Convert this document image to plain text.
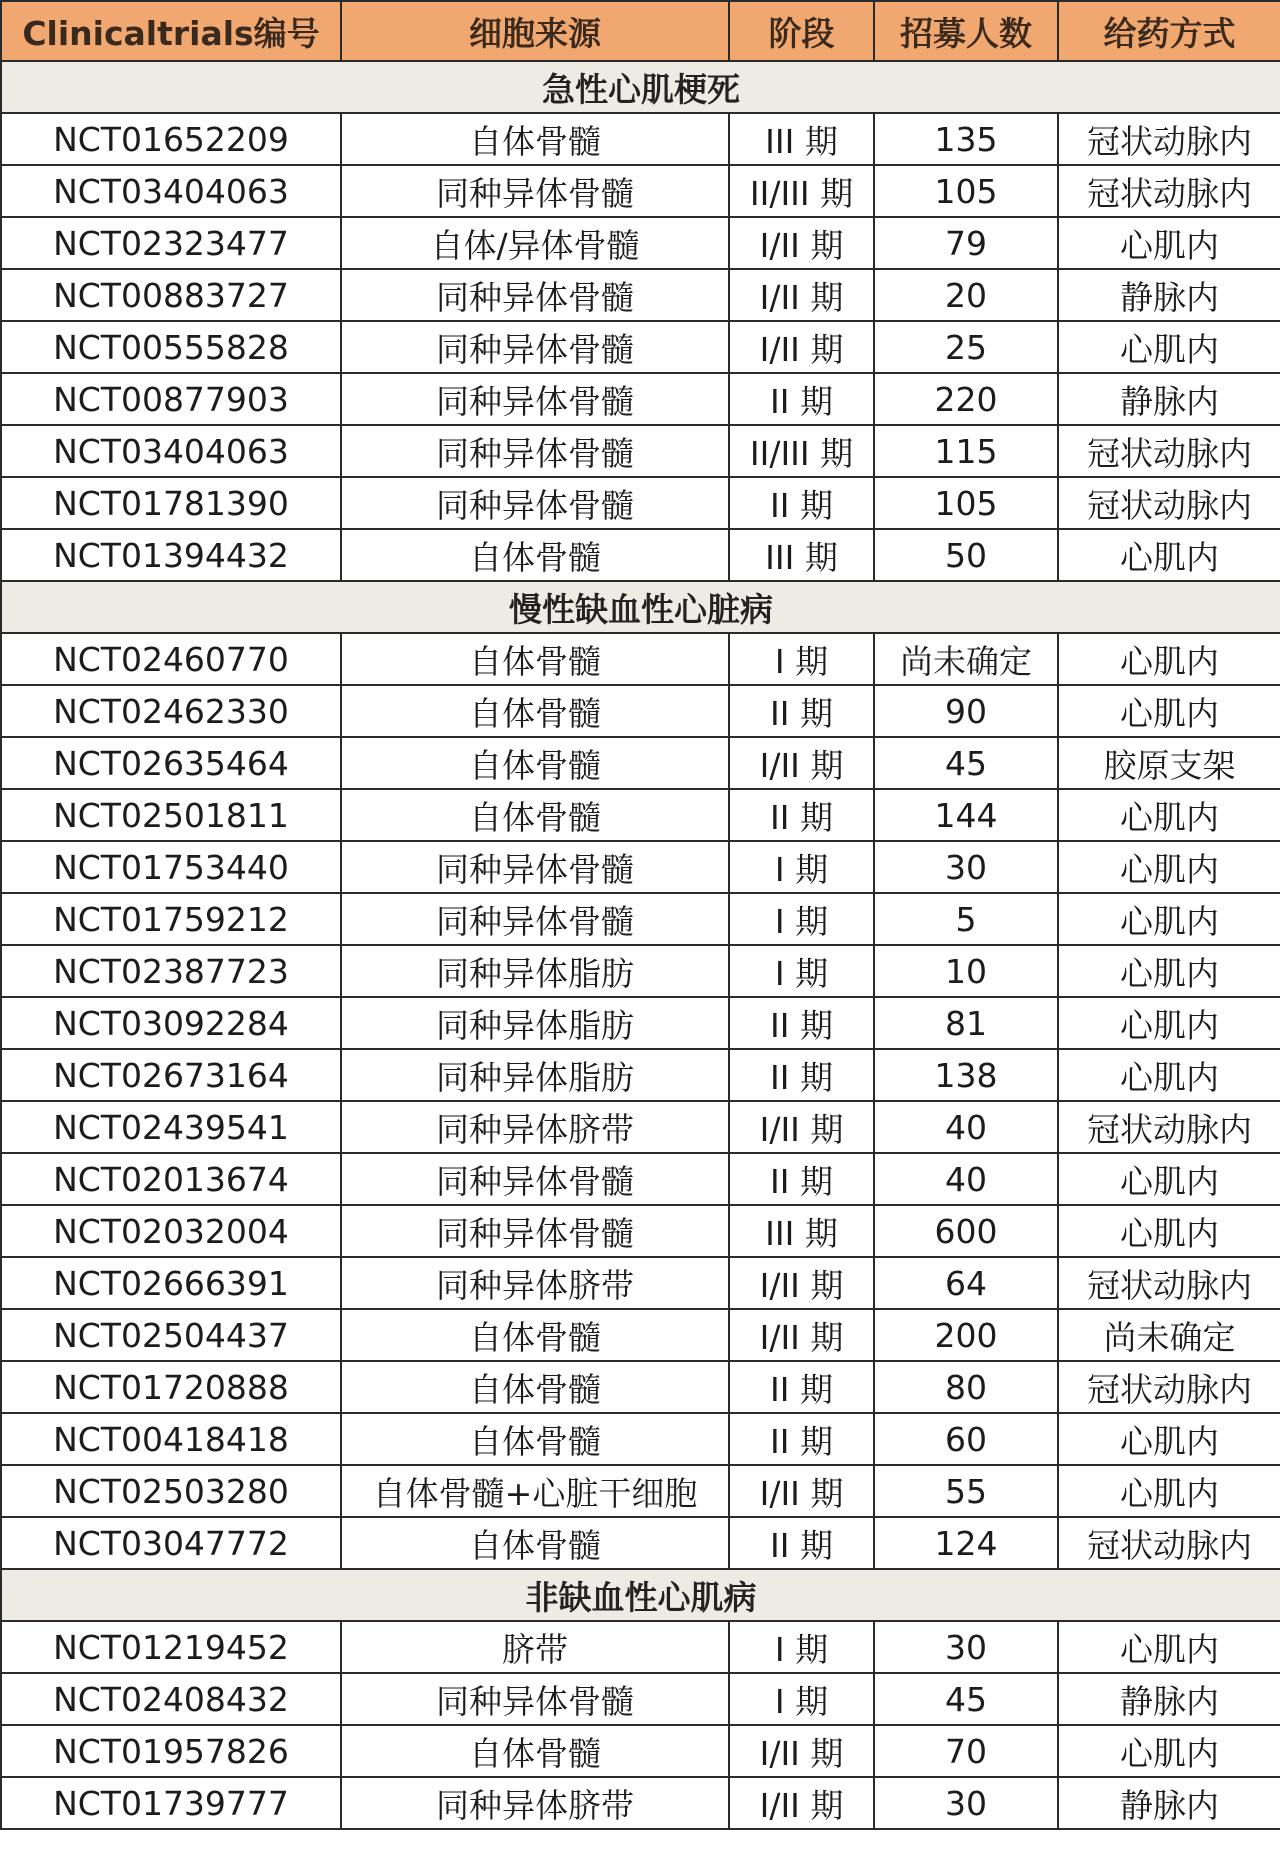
Clinicaltrials编号	细胞来源	阶段	招募人数	给药方式
急性心肌梗死				
NCT01652209	自体骨髓	III 期	135	冠状动脉内
NCT03404063	同种异体骨髓	II/III 期	105	冠状动脉内
NCT02323477	自体/异体骨髓	I/II 期	79	心肌内
NCT00883727	同种异体骨髓	I/II 期	20	静脉内
NCT00555828	同种异体骨髓	I/II 期	25	心肌内
NCT00877903	同种异体骨髓	II 期	220	静脉内
NCT03404063	同种异体骨髓	II/III 期	115	冠状动脉内
NCT01781390	同种异体骨髓	II 期	105	冠状动脉内
NCT01394432	自体骨髓	III 期	50	心肌内
慢性缺血性心脏病				
NCT02460770	自体骨髓	I 期	尚未确定	心肌内
NCT02462330	自体骨髓	II 期	90	心肌内
NCT02635464	自体骨髓	I/II 期	45	胶原支架
NCT02501811	自体骨髓	II 期	144	心肌内
NCT01753440	同种异体骨髓	I 期	30	心肌内
NCT01759212	同种异体骨髓	I 期	5	心肌内
NCT02387723	同种异体脂肪	I 期	10	心肌内
NCT03092284	同种异体脂肪	II 期	81	心肌内
NCT02673164	同种异体脂肪	II 期	138	心肌内
NCT02439541	同种异体脐带	I/II 期	40	冠状动脉内
NCT02013674	同种异体骨髓	II 期	40	心肌内
NCT02032004	同种异体骨髓	III 期	600	心肌内
NCT02666391	同种异体脐带	I/II 期	64	冠状动脉内
NCT02504437	自体骨髓	I/II 期	200	尚未确定
NCT01720888	自体骨髓	II 期	80	冠状动脉内
NCT00418418	自体骨髓	II 期	60	心肌内
NCT02503280	自体骨髓+心脏干细胞	I/II 期	55	心肌内
NCT03047772	自体骨髓	II 期	124	冠状动脉内
非缺血性心肌病				
NCT01219452	脐带	I 期	30	心肌内
NCT02408432	同种异体骨髓	I 期	45	静脉内
NCT01957826	自体骨髓	I/II 期	70	心肌内
NCT01739777	同种异体脐带	I/II 期	30	静脉内
